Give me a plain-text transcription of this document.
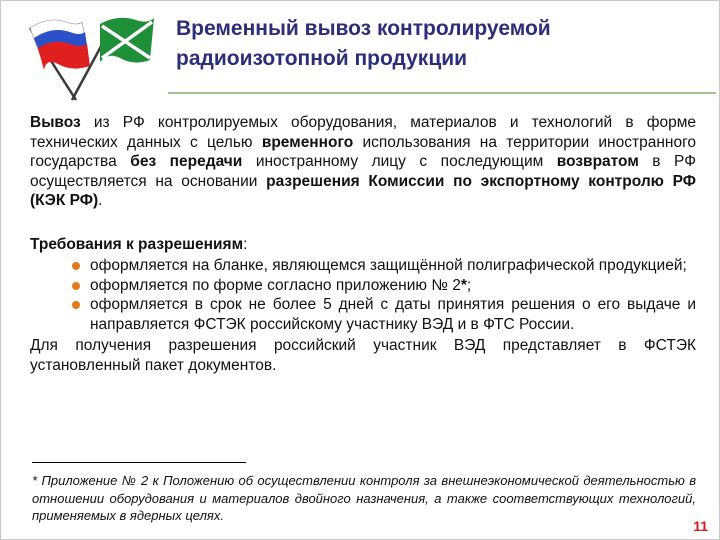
Временный вывоз контролируемой
радиоизотопной продукции

Вывоз из РФ контролируемых оборудования, материалов и технологий в форме технических данных с целью временного использования на территории иностранного государства без передачи иностранному лицу с последующим возвратом в РФ осуществляется на основании разрешения Комиссии по экспортному контролю РФ (КЭК РФ).

Требования к разрешениям:

оформляется на бланке, являющемся защищённой полиграфической продукцией;
оформляется по форме согласно приложению № 2*;
оформляется в срок не более 5 дней с даты принятия решения о его выдаче и направляется ФСТЭК российскому участнику ВЭД и в ФТС России.

Для получения разрешения российский участник ВЭД представляет в ФСТЭК установленный пакет документов.

* Приложение № 2 к Положению об осуществлении контроля за внешнеэкономической деятельностью в отношении оборудования и материалов двойного назначения, а также соответствующих технологий, применяемых в ядерных целях.
11
